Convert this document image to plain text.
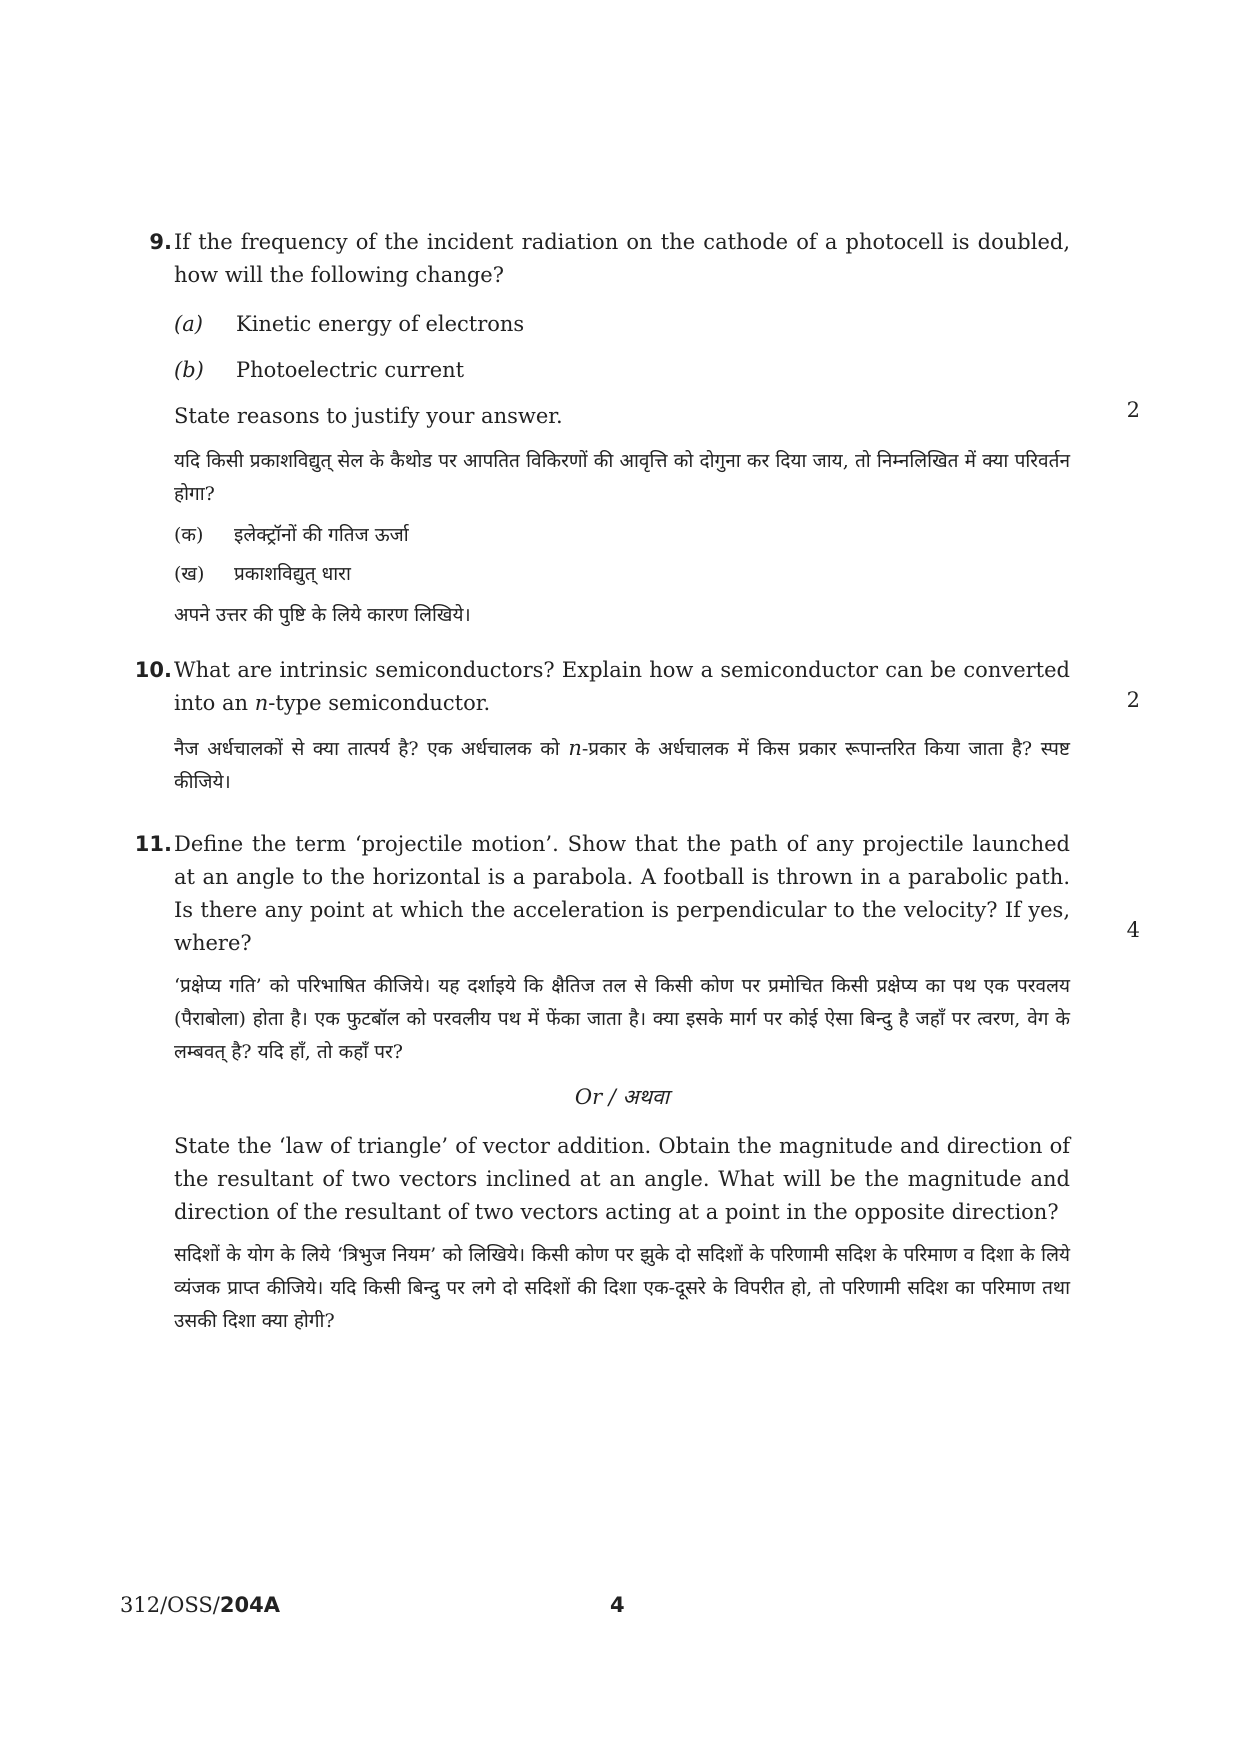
9. If the frequency of the incident radiation on the cathode of a photocell is doubled, how will the following change?

(a) Kinetic energy of electrons
(b) Photoelectric current

State reasons to justify your answer.

यदि किसी प्रकाशविद्युत् सेल के कैथोड पर आपतित विकिरणों की आवृत्ति को दोगुना कर दिया जाय, तो निम्नलिखित में क्या परिवर्तन होगा?

(क) इलेक्ट्रॉनों की गतिज ऊर्जा
(ख) प्रकाशविद्युत् धारा

अपने उत्तर की पुष्टि के लिये कारण लिखिये।

2
10. What are intrinsic semiconductors? Explain how a semiconductor can be converted into an n-type semiconductor.

नैज अर्धचालकों से क्या तात्पर्य है? एक अर्धचालक को n-प्रकार के अर्धचालक में किस प्रकार रूपान्तरित किया जाता है? स्पष्ट कीजिये।

2
11. Define the term ‘projectile motion’. Show that the path of any projectile launched at an angle to the horizontal is a parabola. A football is thrown in a parabolic path. Is there any point at which the acceleration is perpendicular to the velocity? If yes, where?

‘प्रक्षेप्य गति’ को परिभाषित कीजिये। यह दर्शाइये कि क्षैतिज तल से किसी कोण पर प्रमोचित किसी प्रक्षेप्य का पथ एक परवलय (पैराबोला) होता है। एक फुटबॉल को परवलीय पथ में फेंका जाता है। क्या इसके मार्ग पर कोई ऐसा बिन्दु है जहाँ पर त्वरण, वेग के लम्बवत् है? यदि हाँ, तो कहाँ पर?

Or / अथवा

State the ‘law of triangle’ of vector addition. Obtain the magnitude and direction of the resultant of two vectors inclined at an angle. What will be the magnitude and direction of the resultant of two vectors acting at a point in the opposite direction?

सदिशों के योग के लिये ‘त्रिभुज नियम’ को लिखिये। किसी कोण पर झुके दो सदिशों के परिणामी सदिश के परिमाण व दिशा के लिये व्यंजक प्राप्त कीजिये। यदि किसी बिन्दु पर लगे दो सदिशों की दिशा एक-दूसरे के विपरीत हो, तो परिणामी सदिश का परिमाण तथा उसकी दिशा क्या होगी?

4
312/OSS/204A	4
